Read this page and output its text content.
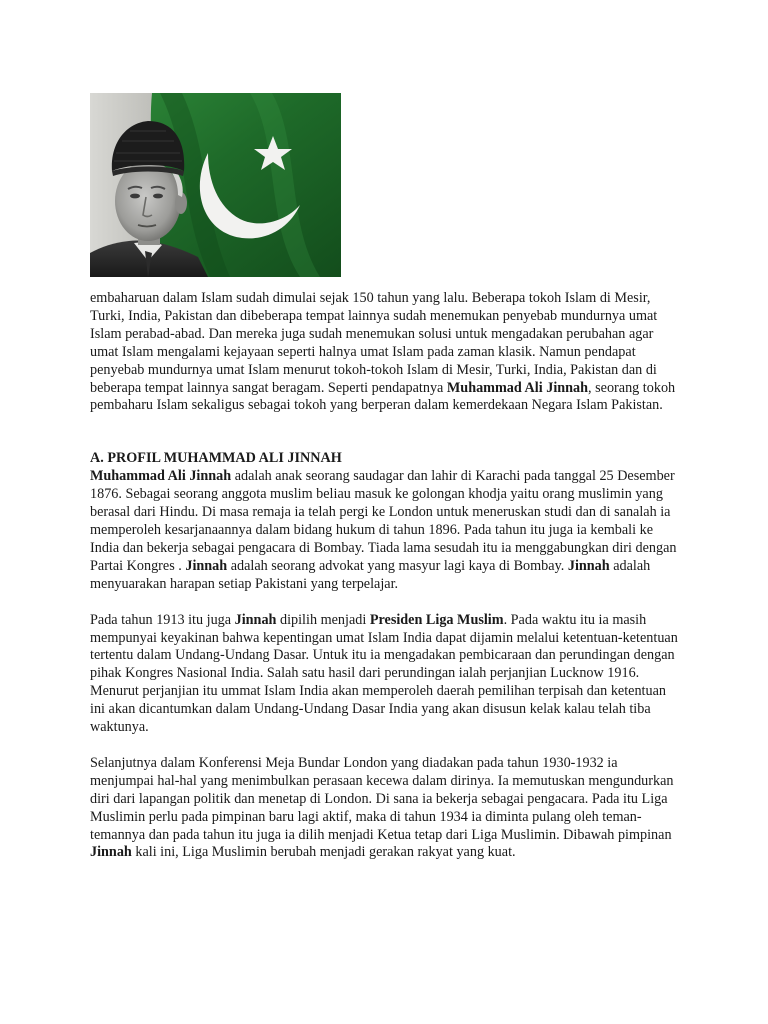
embaharuan dalam Islam sudah dimulai sejak 150 tahun yang lalu. Beberapa tokoh Islam di Mesir, Turki, India, Pakistan dan dibeberapa tempat lainnya sudah menemukan penyebab mundurnya umat Islam perabad-abad. Dan mereka juga sudah menemukan solusi untuk mengadakan perubahan agar umat Islam mengalami kejayaan seperti halnya umat Islam pada zaman klasik. Namun pendapat penyebab mundurnya umat Islam menurut tokoh-tokoh Islam di Mesir, Turki, India, Pakistan dan di beberapa tempat lainnya sangat beragam. Seperti pendapatnya Muhammad Ali Jinnah, seorang tokoh pembaharu Islam sekaligus sebagai tokoh yang berperan dalam kemerdekaan Negara Islam Pakistan.

A. PROFIL MUHAMMAD ALI JINNAH

Muhammad Ali Jinnah adalah anak seorang saudagar dan lahir di Karachi pada tanggal 25 Desember 1876. Sebagai seorang anggota muslim beliau masuk ke golongan khodja yaitu orang muslimin yang berasal dari Hindu. Di masa remaja ia telah pergi ke London untuk meneruskan studi dan di sanalah ia memperoleh kesarjanaannya dalam bidang hukum di tahun 1896. Pada tahun itu juga ia kembali ke India dan bekerja sebagai pengacara di Bombay. Tiada lama sesudah itu ia menggabungkan diri dengan Partai Kongres . Jinnah adalah seorang advokat yang masyur lagi kaya di Bombay. Jinnah adalah menyuarakan harapan setiap Pakistani yang terpelajar.

Pada tahun 1913 itu juga Jinnah dipilih menjadi Presiden Liga Muslim. Pada waktu itu ia masih mempunyai keyakinan bahwa kepentingan umat Islam India dapat dijamin melalui ketentuan-ketentuan tertentu dalam Undang-Undang Dasar. Untuk itu ia mengadakan pembicaraan dan perundingan dengan pihak Kongres Nasional India. Salah satu hasil dari perundingan ialah perjanjian Lucknow 1916. Menurut perjanjian itu ummat Islam India akan memperoleh daerah pemilihan terpisah dan ketentuan ini akan dicantumkan dalam Undang-Undang Dasar India yang akan disusun kelak kalau telah tiba waktunya.

Selanjutnya dalam Konferensi Meja Bundar London yang diadakan pada tahun 1930-1932 ia menjumpai hal-hal yang menimbulkan perasaan kecewa dalam dirinya. Ia memutuskan mengundurkan diri dari lapangan politik dan menetap di London. Di sana ia bekerja sebagai pengacara. Pada itu Liga Muslimin perlu pada pimpinan baru lagi aktif, maka di tahun 1934 ia diminta pulang oleh teman-temannya dan pada tahun itu juga ia dilih menjadi Ketua tetap dari Liga Muslimin. Dibawah pimpinan Jinnah kali ini, Liga Muslimin berubah menjadi gerakan rakyat yang kuat.
